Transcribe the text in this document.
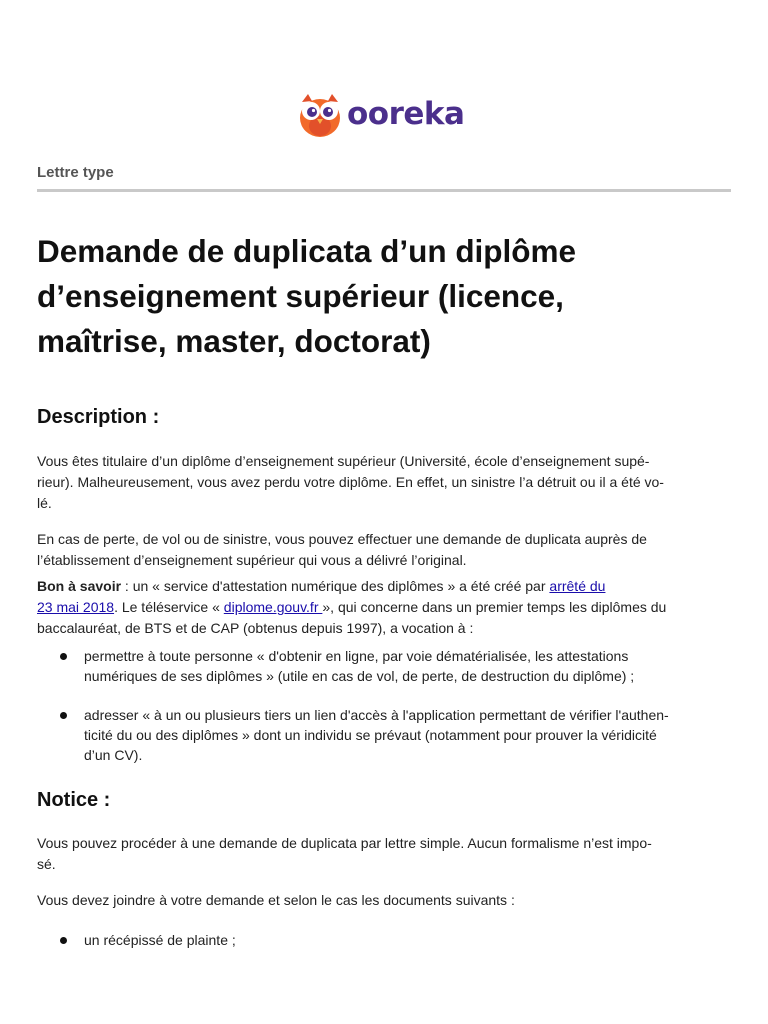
ooreka
Lettre type
Demande de duplicata d’un diplôme
d’enseignement supérieur (licence,
maîtrise, master, doctorat)
Description :

Vous êtes titulaire d’un diplôme d’enseignement supérieur (Université, école d’enseignement supé-
rieur). Malheureusement, vous avez perdu votre diplôme. En effet, un sinistre l’a détruit ou il a été vo-
lé.

En cas de perte, de vol ou de sinistre, vous pouvez effectuer une demande de duplicata auprès de
l’établissement d’enseignement supérieur qui vous a délivré l’original.

Bon à savoir : un « service d'attestation numérique des diplômes » a été créé par arrêté du
23 mai 2018. Le téléservice « diplome.gouv.fr », qui concerne dans un premier temps les diplômes du
baccalauréat, de BTS et de CAP (obtenus depuis 1997), a vocation à :

permettre à toute personne « d'obtenir en ligne, par voie dématérialisée, les attestations
numériques de ses diplômes » (utile en cas de vol, de perte, de destruction du diplôme) ;

adresser « à un ou plusieurs tiers un lien d'accès à l'application permettant de vérifier l'authen-
ticité du ou des diplômes » dont un individu se prévaut (notamment pour prouver la véridicité
d’un CV).

Notice :

Vous pouvez procéder à une demande de duplicata par lettre simple. Aucun formalisme n’est impo-
sé.

Vous devez joindre à votre demande et selon le cas les documents suivants :

un récépissé de plainte ;
